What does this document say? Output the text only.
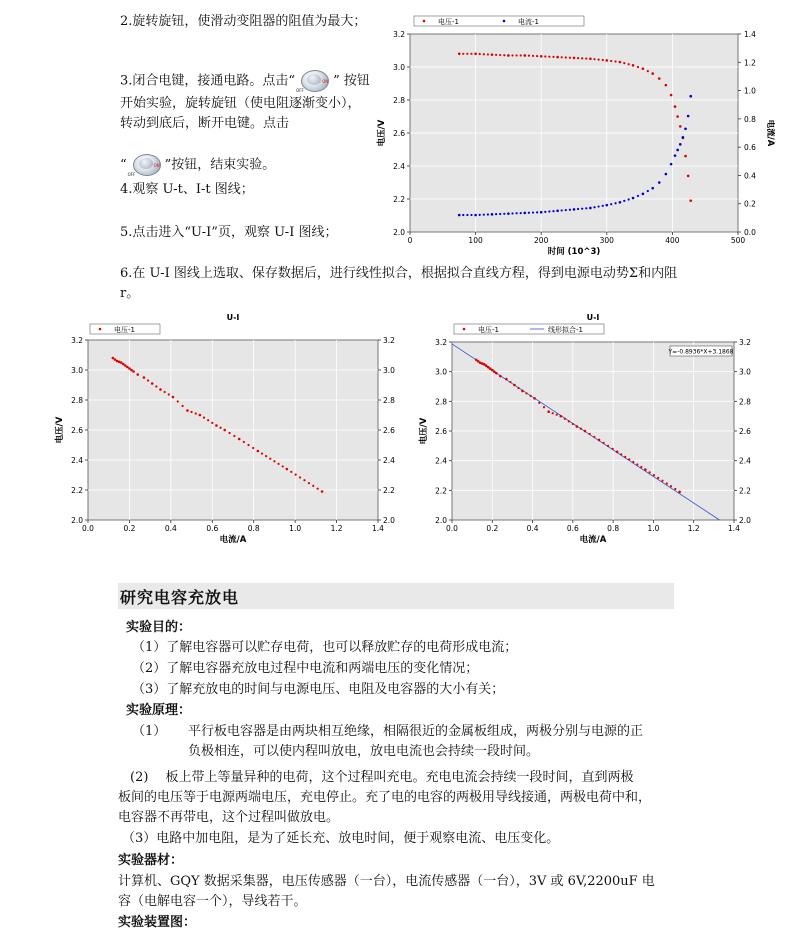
2.旋转旋钮，使滑动变阻器的阻值为最大；

3.闭合电键，接通电路。点击“
OFF
ON ” 按钮开始实验，旋转旋钮（使电阻逐渐变小），转动到底后，断开电键。点击
“
OFF
ON ”按钮，结束实验。

4.观察 U-t、I-t 图线；

5.点击进入“U-I”页，观察 U-I 图线；

6.在 U-I 图线上选取、保存数据后，进行线性拟合，根据拟合直线方程，得到电源电动势Σ和内阻 r。

0	100	200	300	400	500
2.0
2.2
2.4
2.6
2.8
3.0
3.2
0.0
0.2
0.4
0.6
0.8
1.0
1.2
1.4
电流/A
时间 (10^3)
电压/V
电压-1	电流-1
U-I
0.0	0.2	0.4	0.6	0.8	1.0	1.2	1.4
2.0	2.0
2.2	2.2
2.4	2.4
2.6	2.6
2.8	2.8
3.0	3.0
3.2	3.2
电流/A
电压/V
电压-1
U-I
0.0	0.2	0.4	0.6	0.8	1.0	1.2	1.4
2.0	2.0
2.2	2.2
2.4	2.4
2.6	2.6
2.8	2.8
3.0	3.0
3.2	3.2
电流/A
电压/V
Y=-0.8936*X+3.1868
电压-1	线形拟合-1
研究电容充放电

实验目的：

（1）了解电容器可以贮存电荷，也可以释放贮存的电荷形成电流；

（2）了解电容器充放电过程中电流和两端电压的变化情况；

（3）了解充放电的时间与电源电压、电阻及电容器的大小有关；

实验原理：

（1） 平行板电容器是由两块相互绝缘，相隔很近的金属板组成，两极分别与电源的正

负极相连，可以使内程叫放电，放电电流也会持续一段时间。

(2)　 板上带上等量异种的电荷，这个过程叫充电。充电电流会持续一段时间，直到两极

板间的电压等于电源两端电压，充电停止。充了电的电容的两极用导线接通，两极电荷中和，

电容器不再带电，这个过程叫做放电。

（3）电路中加电阻，是为了延长充、放电时间，便于观察电流、电压变化。

实验器材：

计算机、GQY 数据采集器，电压传感器（一台），电流传感器（一台），3V 或 6V,2200uF 电

容（电解电容一个），导线若干。

实验装置图：
